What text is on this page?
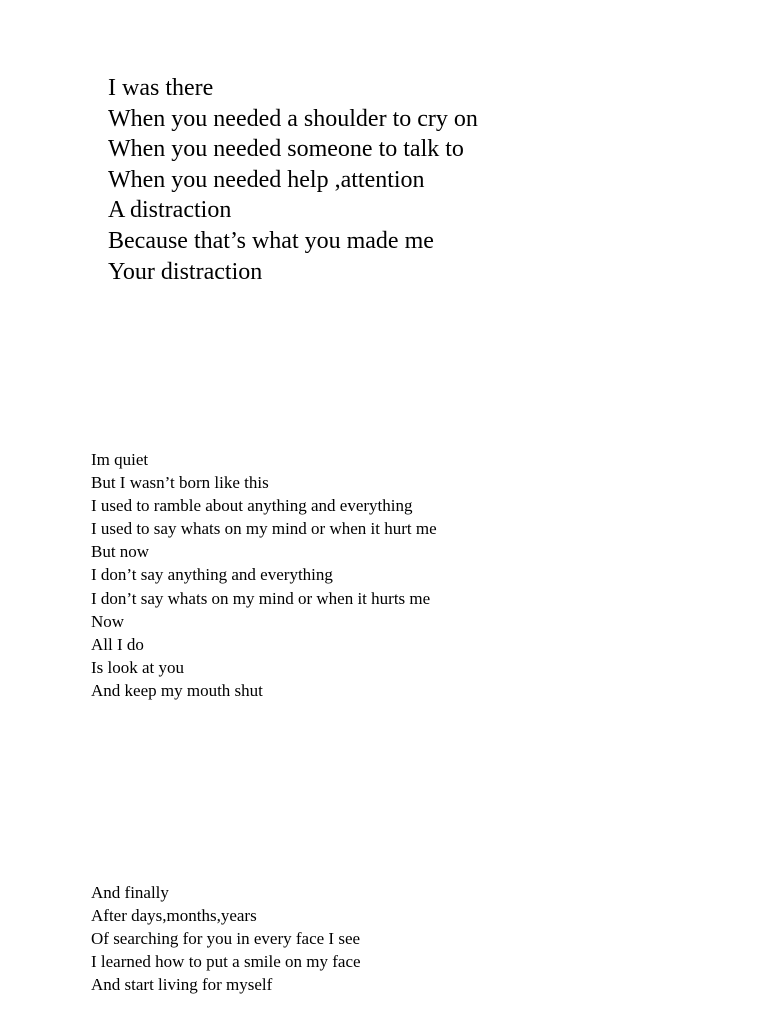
I was there
When you needed a shoulder to cry on
When you needed someone to talk to
When you needed help ,attention
A distraction
Because that’s what you made me
Your distraction
Im quiet
But I wasn’t born like this
I used to ramble about anything and everything
I used to say whats on my mind or when it hurt me
But now
I don’t say anything and everything
I don’t say whats on my mind or when it hurts me
Now
All I do
Is look at you
And keep my mouth shut
And finally
After days,months,years
Of searching for you in every face I see
I learned how to put a smile on my face
And start living for myself
